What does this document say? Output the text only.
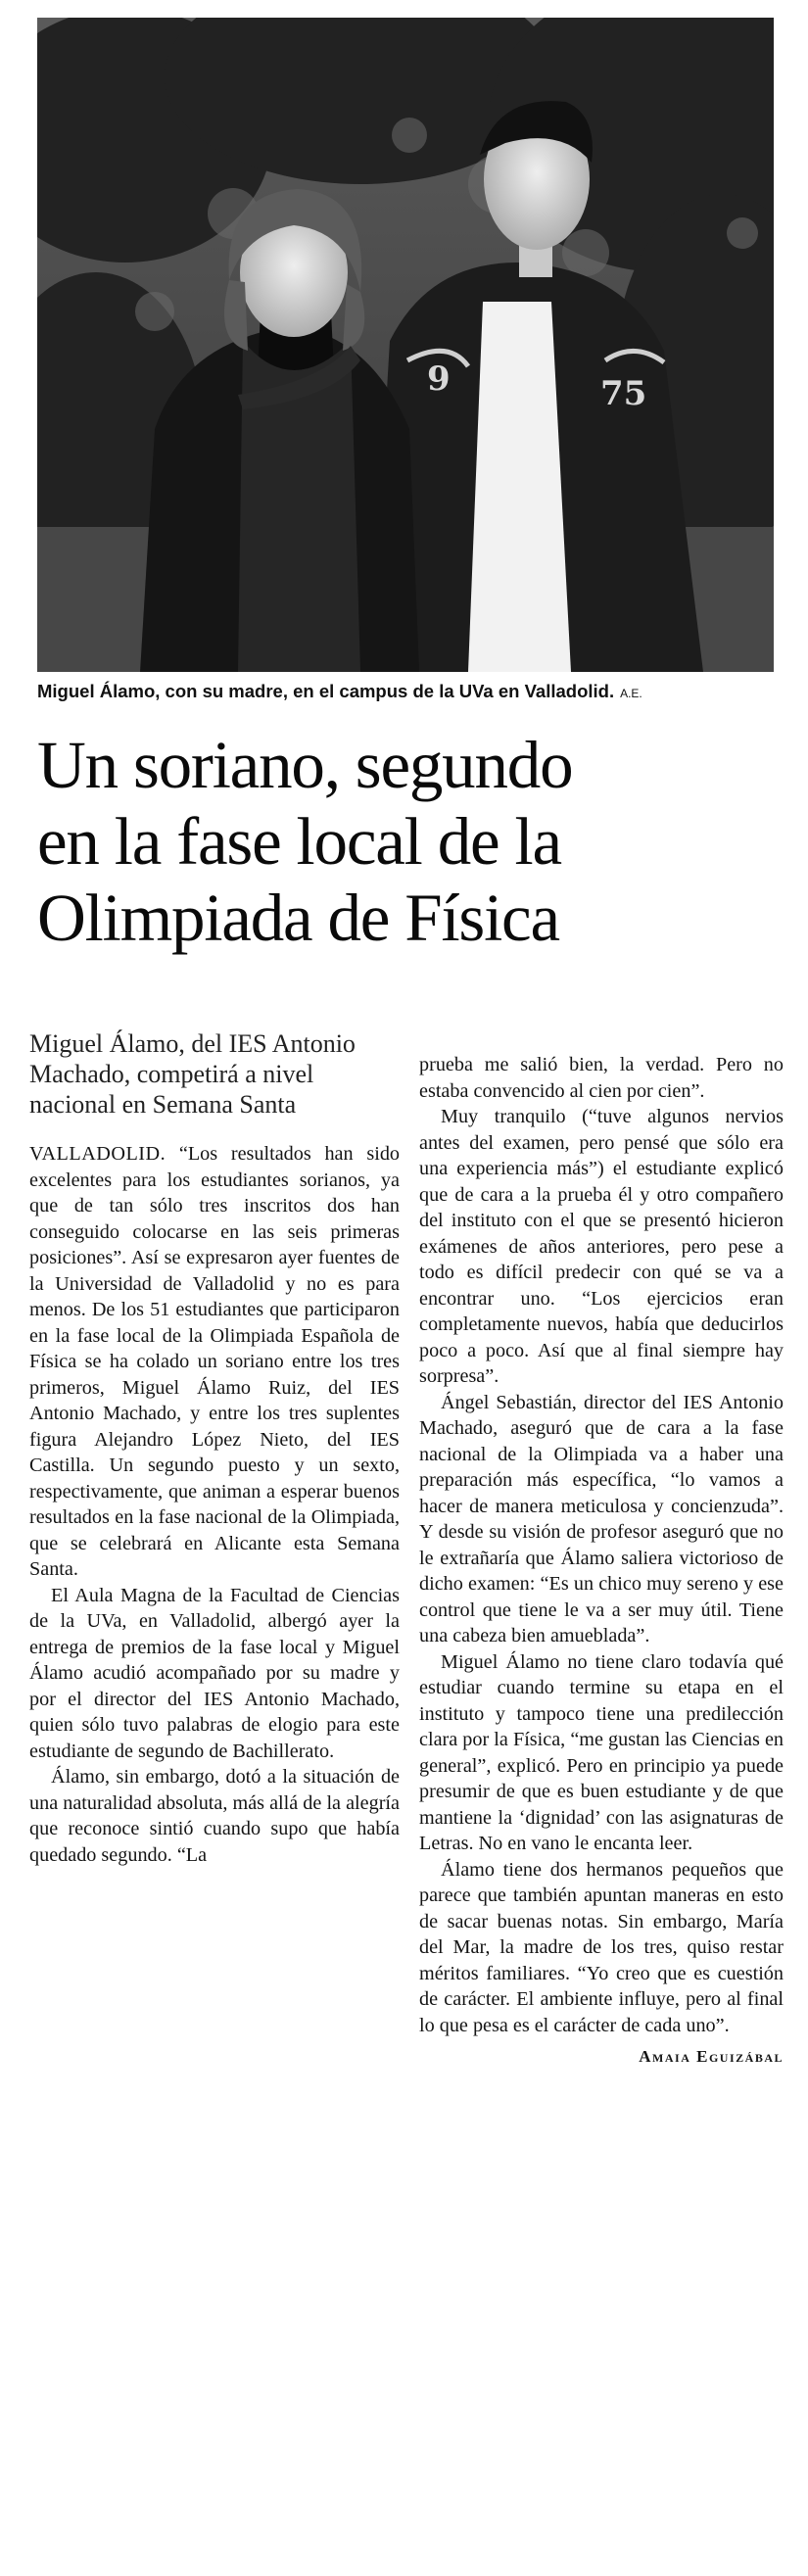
9	75
Miguel Álamo, con su madre, en el campus de la UVa en Valladolid. A.E.
Un soriano, segundo
en la fase local de la
Olimpiada de Física
Miguel Álamo, del IES Antonio Machado, competirá a nivel nacional en Semana Santa

VALLADOLID. “Los resultados han sido excelentes para los estudiantes sorianos, ya que de tan sólo tres inscritos dos han conseguido colocarse en las seis primeras posiciones”. Así se expresaron ayer fuentes de la Universidad de Valladolid y no es para menos. De los 51 estudiantes que participaron en la fase local de la Olimpiada Española de Física se ha colado un soriano entre los tres primeros, Miguel Álamo Ruiz, del IES Antonio Machado, y entre los tres suplentes figura Alejandro López Nieto, del IES Castilla. Un segundo puesto y un sexto, respectivamente, que animan a esperar buenos resultados en la fase nacional de la Olimpiada, que se celebrará en Alicante esta Semana Santa.

El Aula Magna de la Facultad de Ciencias de la UVa, en Valladolid, albergó ayer la entrega de premios de la fase local y Miguel Álamo acudió acompañado por su madre y por el director del IES Antonio Machado, quien sólo tuvo palabras de elogio para este estudiante de segundo de Bachillerato.

Álamo, sin embargo, dotó a la situación de una naturalidad absoluta, más allá de la alegría que reconoce sintió cuando supo que había quedado segundo. “La

prueba me salió bien, la verdad. Pero no estaba convencido al cien por cien”.

Muy tranquilo (“tuve algunos nervios antes del examen, pero pensé que sólo era una experiencia más”) el estudiante explicó que de cara a la prueba él y otro compañero del instituto con el que se presentó hicieron exámenes de años anteriores, pero pese a todo es difícil predecir con qué se va a encontrar uno. “Los ejercicios eran completamente nuevos, había que deducirlos poco a poco. Así que al final siempre hay sorpresa”.

Ángel Sebastián, director del IES Antonio Machado, aseguró que de cara a la fase nacional de la Olimpiada va a haber una preparación más específica, “lo vamos a hacer de manera meticulosa y concienzuda”. Y desde su visión de profesor aseguró que no le extrañaría que Álamo saliera victorioso de dicho examen: “Es un chico muy sereno y ese control que tiene le va a ser muy útil. Tiene una cabeza bien amueblada”.

Miguel Álamo no tiene claro todavía qué estudiar cuando termine su etapa en el instituto y tampoco tiene una predilección clara por la Física, “me gustan las Ciencias en general”, explicó. Pero en principio ya puede presumir de que es buen estudiante y de que mantiene la ‘dignidad’ con las asignaturas de Letras. No en vano le encanta leer.

Álamo tiene dos hermanos pequeños que parece que también apuntan maneras en esto de sacar buenas notas. Sin embargo, María del Mar, la madre de los tres, quiso restar méritos familiares. “Yo creo que es cuestión de carácter. El ambiente influye, pero al final lo que pesa es el carácter de cada uno”.

Amaia Eguizábal
